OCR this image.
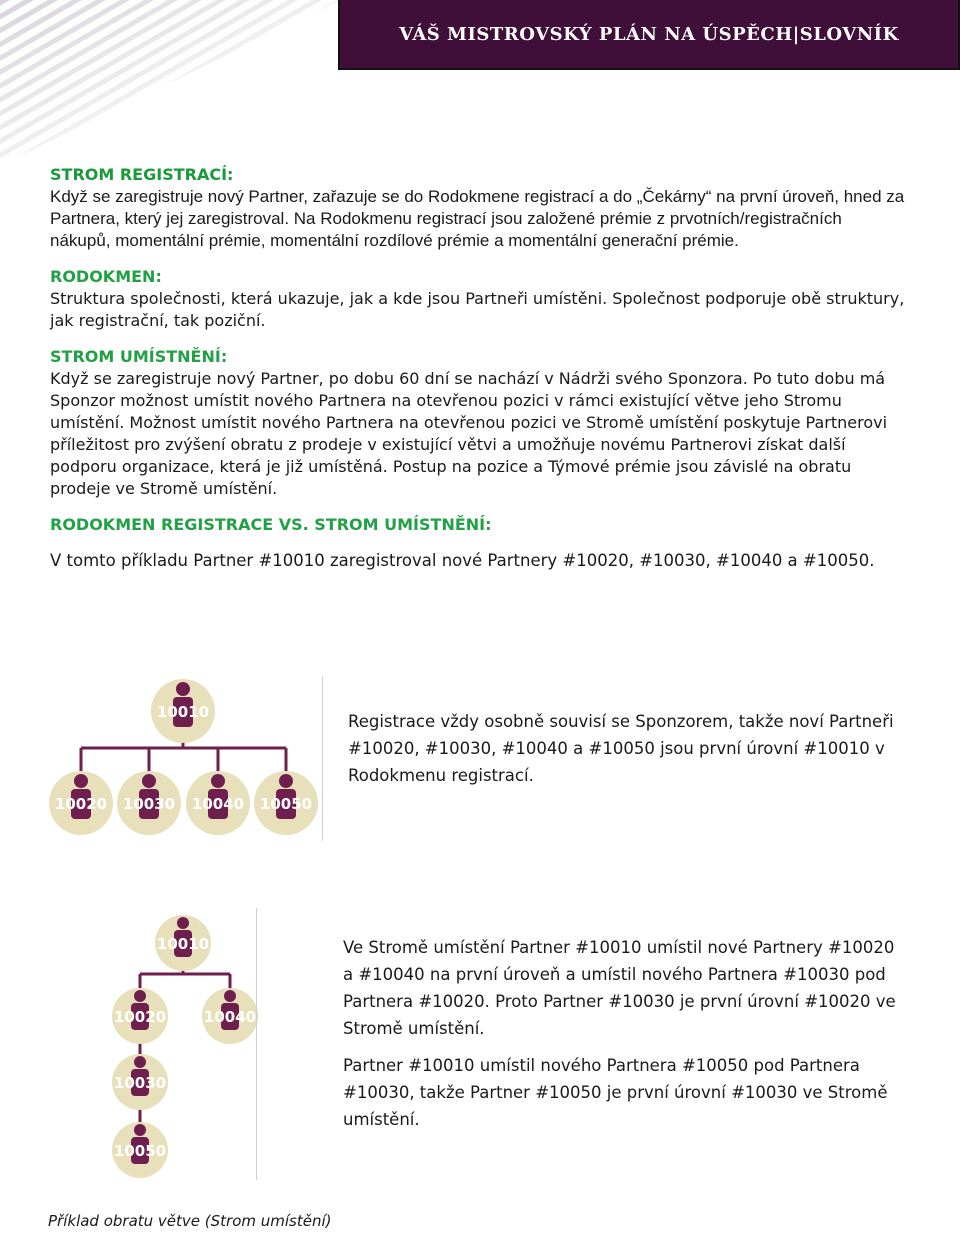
VÁŠ MISTROVSKÝ PLÁN NA ÚSPĚCH|SLOVNÍK

STROM REGISTRACÍ:

Když se zaregistruje nový Partner, zařazuje se do Rodokmene registrací a do „Čekárny“ na první úroveň, hned za Partnera, který jej zaregistroval. Na Rodokmenu registrací jsou založené prémie z prvotních/registračních nákupů, momentální prémie, momentální rozdílové prémie a momentální generační prémie.

RODOKMEN:

Struktura společnosti, která ukazuje, jak a kde jsou Partneři umístěni. Společnost podporuje obě struktury, jak registrační, tak poziční.

STROM UMÍSTNĚNÍ:

Když se zaregistruje nový Partner, po dobu 60 dní se nachází v Nádrži svého Sponzora. Po tuto dobu má Sponzor možnost umístit nového Partnera na otevřenou pozici v rámci existující větve jeho Stromu umístění. Možnost umístit nového Partnera na otevřenou pozici ve Stromě umístění poskytuje Partnerovi příležitost pro zvýšení obratu z prodeje v existující větvi a umožňuje novému Partnerovi získat další podporu organizace, která je již umístěná. Postup na pozice a Týmové prémie jsou závislé na obratu prodeje ve Stromě umístění.

RODOKMEN REGISTRACE VS. STROM UMÍSTNĚNÍ:

V tomto příkladu Partner #10010 zaregistroval nové Partnery #10020, #10030, #10040 a #10050.

10010
10020 10030 10040 10050

Registrace vždy osobně souvisí se Sponzorem, takže noví Partneři #10020, #10030, #10040 a #10050 jsou první úrovní #10010 v Rodokmenu registrací.

10010
10020	10040
10030
10050

Ve Stromě umístění Partner #10010 umístil nové Partnery #10020 a #10040 na první úroveň a umístil nového Partnera #10030 pod Partnera #10020. Proto Partner #10030 je první úrovní #10020 ve Stromě umístění.

Partner #10010 umístil nového Partnera #10050 pod Partnera #10030, takže Partner #10050 je první úrovní #10030 ve Stromě umístění.

Příklad obratu větve (Strom umístění)
